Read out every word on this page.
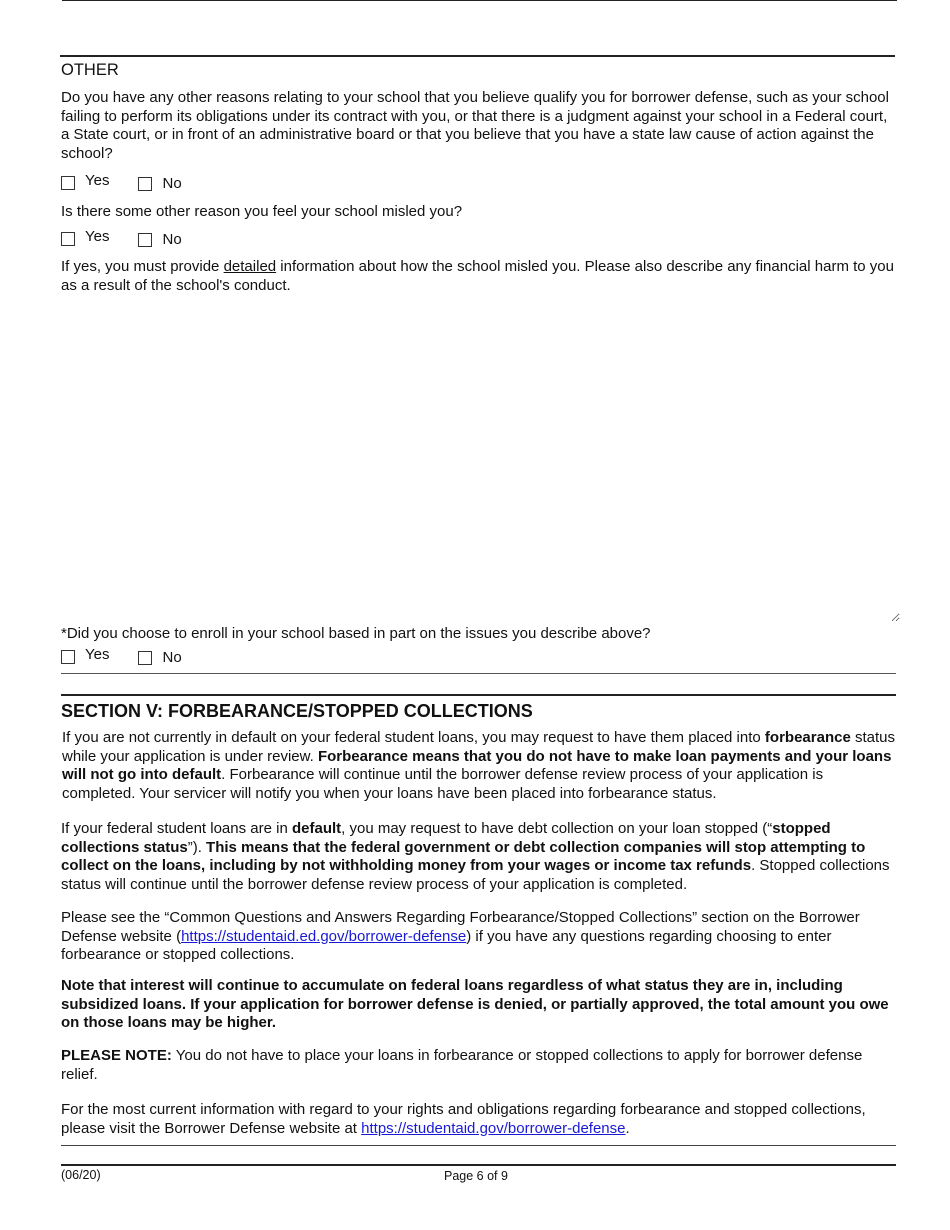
OTHER

Do you have any other reasons relating to your school that you believe qualify you for borrower defense, such as your school failing to perform its obligations under its contract with you, or that there is a judgment against your school in a Federal court, a State court, or in front of an administrative board or that you believe that you have a state law cause of action against the school?

Yes	No

Is there some other reason you feel your school misled you?

Yes	No

If yes, you must provide detailed information about how the school misled you. Please also describe any financial harm to you as a result of the school's conduct.

*Did you choose to enroll in your school based in part on the issues you describe above?

Yes	No
SECTION V: FORBEARANCE/STOPPED COLLECTIONS

If you are not currently in default on your federal student loans, you may request to have them placed into forbearance status while your application is under review. Forbearance means that you do not have to make loan payments and your loans will not go into default. Forbearance will continue until the borrower defense review process of your application is completed. Your servicer will notify you when your loans have been placed into forbearance status.

If your federal student loans are in default, you may request to have debt collection on your loan stopped (“stopped collections status”). This means that the federal government or debt collection companies will stop attempting to collect on the loans, including by not withholding money from your wages or income tax refunds. Stopped collections status will continue until the borrower defense review process of your application is completed.

Please see the “Common Questions and Answers Regarding Forbearance/Stopped Collections” section on the Borrower Defense website (https://studentaid.ed.gov/borrower-defense) if you have any questions regarding choosing to enter forbearance or stopped collections.

Note that interest will continue to accumulate on federal loans regardless of what status they are in, including subsidized loans. If your application for borrower defense is denied, or partially approved, the total amount you owe on those loans may be higher.

PLEASE NOTE: You do not have to place your loans in forbearance or stopped collections to apply for borrower defense relief.

For the most current information with regard to your rights and obligations regarding forbearance and stopped collections, please visit the Borrower Defense website at https://studentaid.gov/borrower-defense.

(06/20)	Page 6 of 9
